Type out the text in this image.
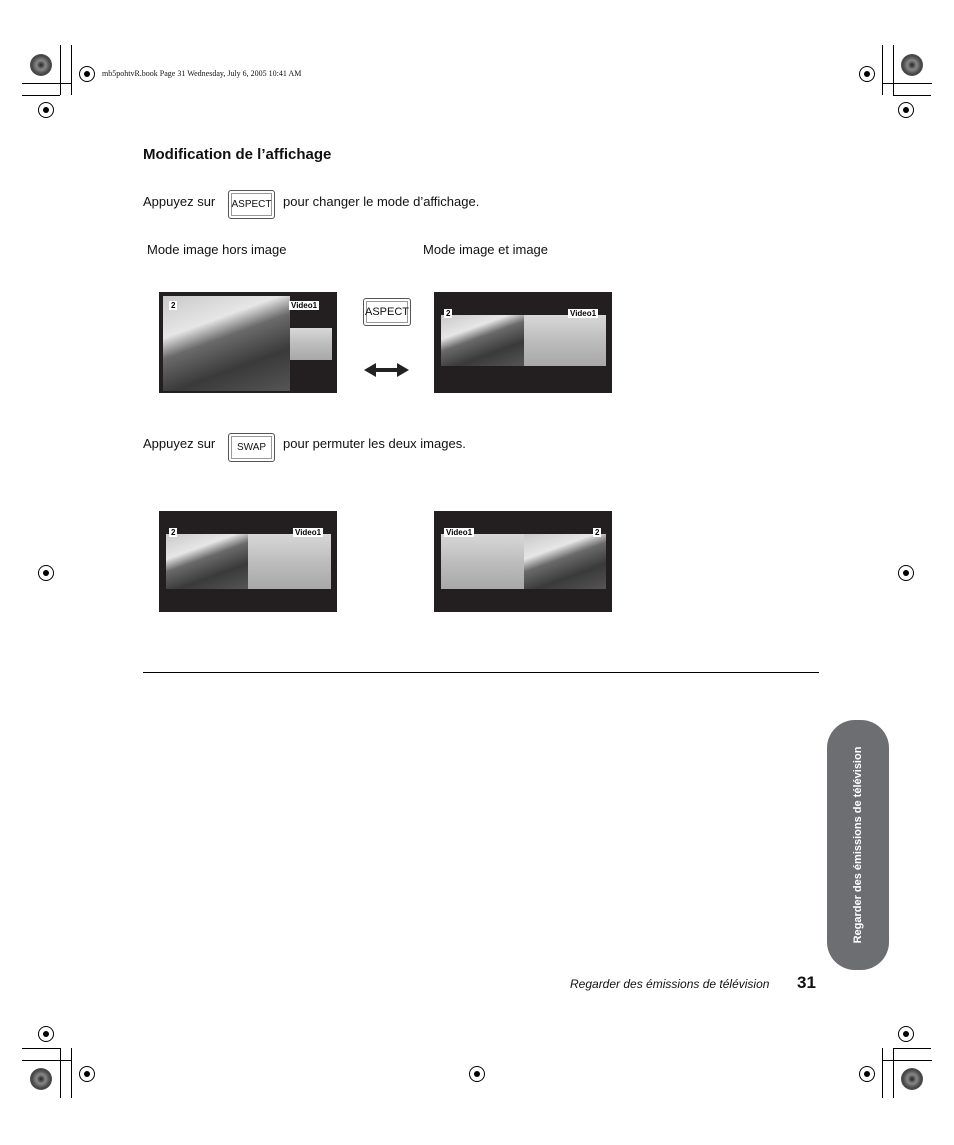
mb5pohtvR.book Page 31 Wednesday, July 6, 2005 10:41 AM
Modification de l’affichage
Appuyez sur	ASPECT pour changer le mode d’affichage.
Mode image hors image	Mode image et image
2	Video1
ASPECT	2	Video1
Appuyez sur	SWAP	pour permuter les deux images.
2	Video1	Video1	2
Regarder des émissions de télévision
Regarder des émissions de télévision 31
